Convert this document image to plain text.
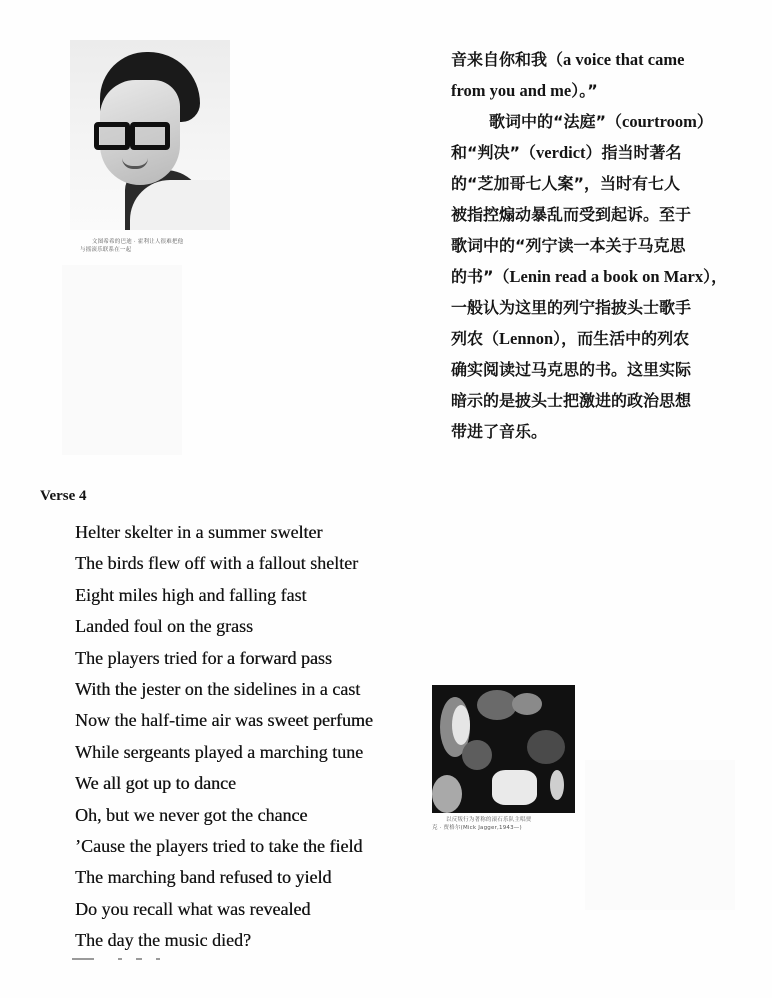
文图希希的巴迪 · 霍利让人很难把他
与摇滚乐联系在一起
音来自你和我（a voice that came
from you and me）。”
歌词中的“法庭”（courtroom）
和“判决”（verdict）指当时著名
的“芝加哥七人案”，当时有七人
被指控煽动暴乱而受到起诉。至于
歌词中的“列宁读一本关于马克思
的书”（Lenin read a book on Marx），
一般认为这里的列宁指披头士歌手
列农（Lennon），而生活中的列农
确实阅读过马克思的书。这里实际
暗示的是披头士把激进的政治思想
带进了音乐。
Verse 4
Helter skelter in a summer swelter
The birds flew off with a fallout shelter
Eight miles high and falling fast
Landed foul on the grass
The players tried for a forward pass
With the jester on the sidelines in a cast
Now the half-time air was sweet perfume
While sergeants played a marching tune
We all got up to dance
Oh, but we never got the chance
’Cause the players tried to take the field
The marching band refused to yield
Do you recall what was revealed
The day the music died?
以反叛行为著称的滚石乐队主唱贾
克 · 贾格尔(Mick Jagger,1943—)
